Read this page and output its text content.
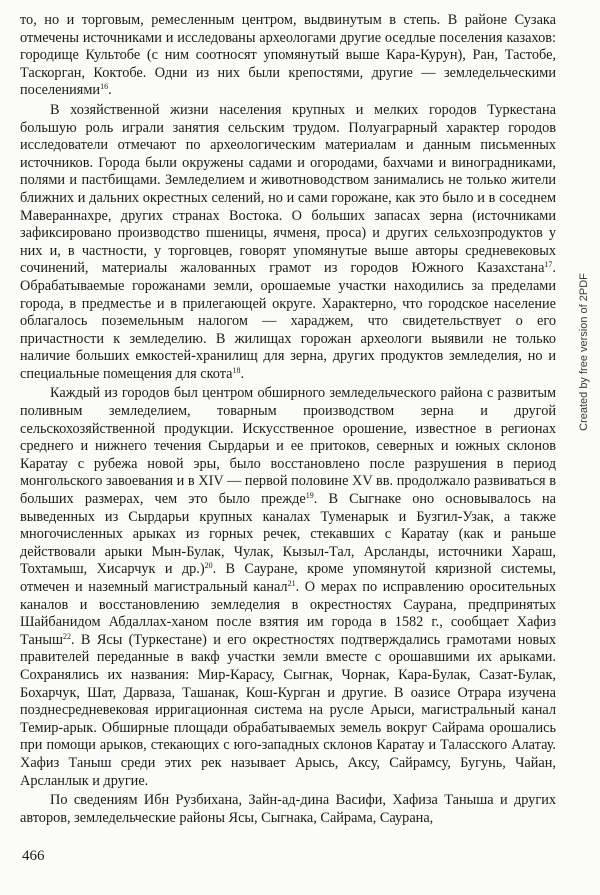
то, но и торговым, ремесленным центром, выдвинутым в степь. В районе Сузака отмечены источниками и исследованы археологами другие оседлые поселения казахов: городище Культобе (с ним соотносят упомянутый выше Кара-Курун), Ран, Тастобе, Таскорган, Коктобе. Одни из них были крепостями, другие — земледельческими поселениями$^{16}$.

В хозяйственной жизни населения крупных и мелких городов Туркестана большую роль играли занятия сельским трудом. Полуаграрный характер городов исследователи отмечают по археологическим материалам и данным письменных источников. Города были окружены садами и огородами, бахчами и виноградниками, полями и пастбищами. Земледелием и животноводством занимались не только жители ближних и дальних окрестных селений, но и сами горожане, как это было и в соседнем Мавераннахре, других странах Востока. О больших запасах зерна (источниками зафиксировано производство пшеницы, ячменя, проса) и других сельхозпродуктов у них и, в частности, у торговцев, говорят упомянутые выше авторы средневековых сочинений, материалы жалованных грамот из городов Южного Казахстана$^{17}$. Обрабатываемые горожанами земли, орошаемые участки находились за пределами города, в предместье и в прилегающей округе. Характерно, что городское население облагалось поземельным налогом — хараджем, что свидетельствует о его причастности к земледелию. В жилищах горожан археологи выявили не только наличие больших емкостей-хранилищ для зерна, других продуктов земледелия, но и специальные помещения для скота$^{18}$.

Каждый из городов был центром обширного земледельческого района с развитым поливным земледелием, товарным производством зерна и другой сельскохозяйственной продукции. Искусственное орошение, известное в регионах среднего и нижнего течения Сырдарьи и ее притоков, северных и южных склонов Каратау с рубежа новой эры, было восстановлено после разрушения в период монгольского завоевания и в XIV — первой половине XV вв. продолжало развиваться в больших размерах, чем это было прежде$^{19}$. В Сыгнаке оно основывалось на выведенных из Сырдарьи крупных каналах Туменарык и Бузгил-Узак, а также многочисленных арыках из горных речек, стекавших с Каратау (как и раньше действовали арыки Мын-Булак, Чулак, Кызыл-Тал, Арсланды, источники Хараш, Тохтамыш, Хисарчук и др.)$^{20}$. В Сауране, кроме упомянутой кяризной системы, отмечен и наземный магистральный канал$^{21}$. О мерах по исправлению оросительных каналов и восстановлению земледелия в окрестностях Саурана, предпринятых Шайбанидом Абдаллах-ханом после взятия им города в 1582 г., сообщает Хафиз Таныш$^{22}$. В Ясы (Туркестане) и его окрестностях подтверждались грамотами новых правителей переданные в вакф участки земли вместе с орошавшими их арыками. Сохранялись их названия: Мир-Карасу, Сыгнак, Чорнак, Кара-Булак, Сазат-Булак, Бохарчук, Шат, Дарваза, Ташанак, Кош-Курган и другие. В оазисе Отрара изучена позднесредневековая ирригационная система на русле Арыси, магистральный канал Темир-арык. Обширные площади обрабатываемых земель вокруг Сайрама орошались при помощи арыков, стекающих с юго-западных склонов Каратау и Таласского Алатау. Хафиз Таныш среди этих рек называет Арысь, Аксу, Сайрамсу, Бугунь, Чайан, Арсланлык и другие.

По сведениям Ибн Рузбихана, Зайн-ад-дина Васифи, Хафиза Таныша и других авторов, земледельческие районы Ясы, Сыгнака, Сайрама, Саурана,

466
Created by free version of 2PDF
